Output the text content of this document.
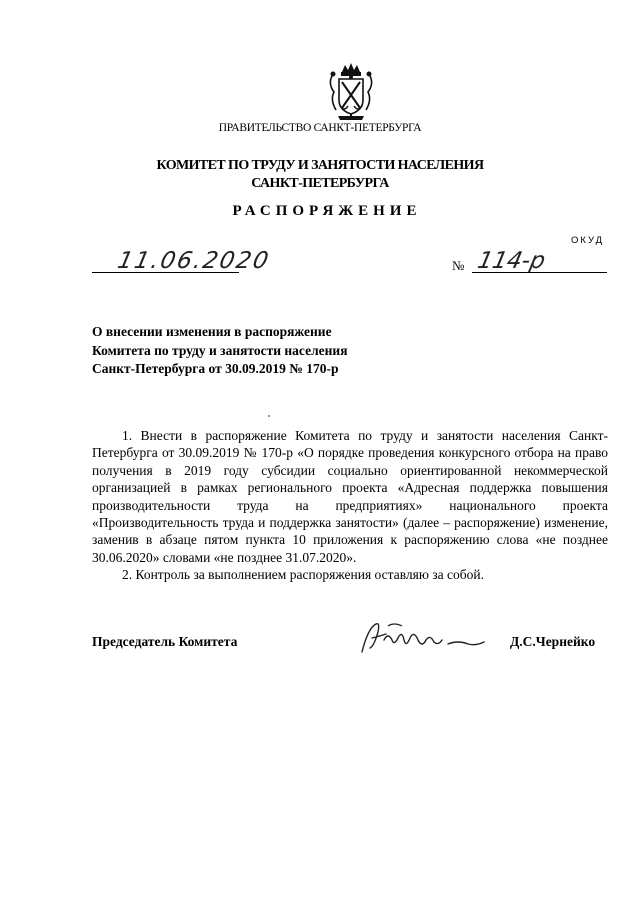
ПРАВИТЕЛЬСТВО САНКТ-ПЕТЕРБУРГА
КОМИТЕТ ПО ТРУДУ И ЗАНЯТОСТИ НАСЕЛЕНИЯ
САНКТ-ПЕТЕРБУРГА
РАСПОРЯЖЕНИЕ
ОКУД
11.06.2020	№ 114-р
О внесении изменения в распоряжение
Комитета по труду и занятости населения
Санкт-Петербурга от 30.09.2019 № 170-р

1. Внести в распоряжение Комитета по труду и занятости населения Санкт-Петербурга от 30.09.2019 № 170-р «О порядке проведения конкурсного отбора на право получения в 2019 году субсидии социально ориентированной некоммерческой организацией в рамках регионального проекта «Адресная поддержка повышения производительности труда на предприятиях» национального проекта «Производительность труда и поддержка занятости» (далее – распоряжение) изменение, заменив в абзаце пятом пункта 10 приложения к распоряжению слова «не позднее 30.06.2020» словами «не позднее 31.07.2020».

2. Контроль за выполнением распоряжения оставляю за собой.

Председатель Комитета	Д.С.Чернейко
